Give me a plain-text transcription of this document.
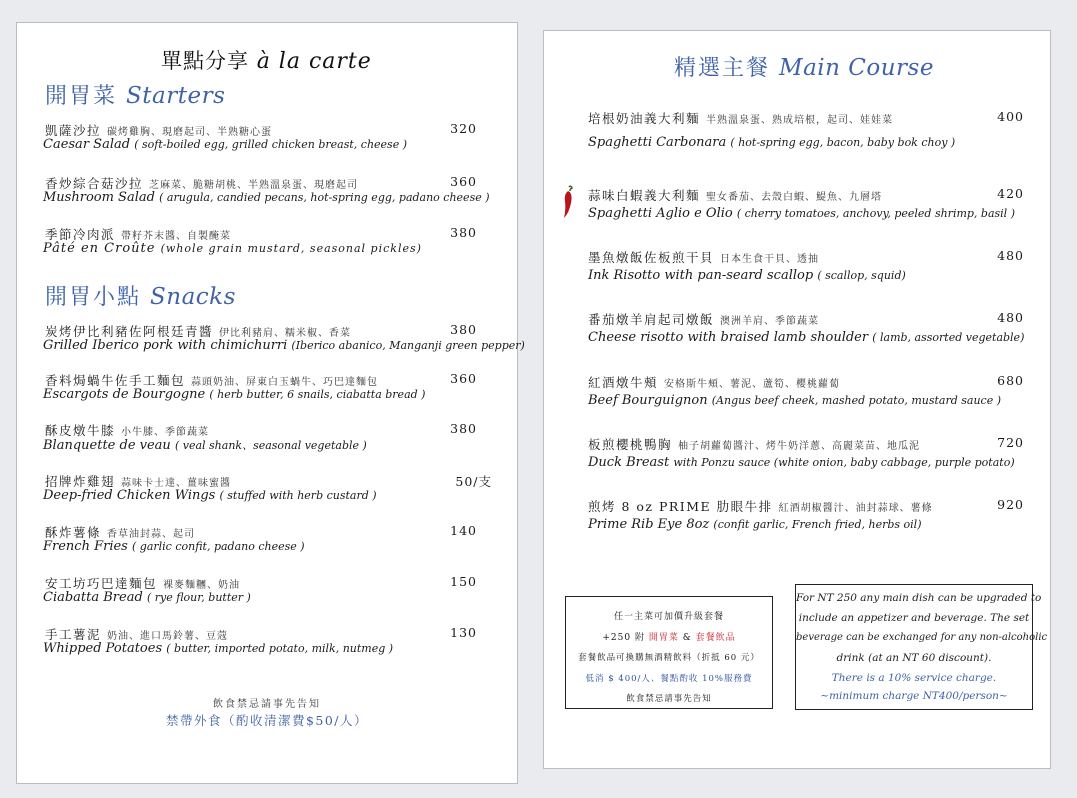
單點分享 à la carte
開胃菜 Starters
凱薩沙拉 碳烤雞胸、現磨起司、半熟糖心蛋	320
Caesar Salad ( soft-boiled egg, grilled chicken breast, cheese )
香炒綜合菇沙拉 芝麻菜、脆糖胡桃、半熟溫泉蛋、現磨起司	360
Mushroom Salad ( arugula, candied pecans, hot-spring egg, padano cheese )
季節冷肉派 帶籽芥末醬、自製醃菜	380
Pâté en Croûte (whole grain mustard, seasonal pickles)
開胃小點 Snacks
炭烤伊比利豬佐阿根廷青醬 伊比利豬肩、糯米椒、香菜	380
Grilled Iberico pork with chimichurri (Iberico abanico, Manganji green pepper)
香料焗蝸牛佐手工麵包 蒜頭奶油、屏東白玉蝸牛、巧巴達麵包	360
Escargots de Bourgogne ( herb butter, 6 snails, ciabatta bread )
酥皮燉牛膝 小牛膝、季節蔬菜	380
Blanquette de veau ( veal shank、seasonal vegetable )
招牌炸雞翅 蒜味卡士達、薑味蜜醬	50/支
Deep-fried Chicken Wings ( stuffed with herb custard )
酥炸薯條 香草油封蒜、起司	140
French Fries ( garlic confit, padano cheese )
安工坊巧巴達麵包 裸麥麵糰、奶油	150
Ciabatta Bread ( rye flour, butter )
手工薯泥 奶油、進口馬鈴薯、豆蔻	130
Whipped Potatoes ( butter, imported potato, milk, nutmeg )
飲食禁忌請事先告知
禁帶外食（酌收清潔費$50/人）
精選主餐 Main Course
培根奶油義大利麵 半熟溫泉蛋、熟成培根，起司、娃娃菜	400
Spaghetti Carbonara ( hot-spring egg, bacon, baby bok choy )
蒜味白蝦義大利麵 聖女番茄、去殼白蝦、鯷魚、九層塔	420
Spaghetti Aglio e Olio ( cherry tomatoes, anchovy, peeled shrimp, basil )
墨魚燉飯佐板煎干貝 日本生食干貝、透抽	480
Ink Risotto with pan-seard scallop ( scallop, squid)
番茄燉羊肩起司燉飯 澳洲羊肩、季節蔬菜	480
Cheese risotto with braised lamb shoulder ( lamb, assorted vegetable)
紅酒燉牛頰 安格斯牛頰、薯泥、蘆筍、櫻桃蘿蔔	680
Beef Bourguignon (Angus beef cheek, mashed potato, mustard sauce )
板煎櫻桃鴨胸 柚子胡蘿蔔醬汁、烤牛奶洋蔥、高麗菜苗、地瓜泥	720
Duck Breast with Ponzu sauce (white onion, baby cabbage, purple potato)
煎烤 8 oz PRIME 肋眼牛排 紅酒胡椒醬汁、油封蒜球、薯條	920
Prime Rib Eye 8oz (confit garlic, French fried, herbs oil)
任一主菜可加價升級套餐
+250 附 開胃菜 & 套餐飲品
套餐飲品可換購無酒精飲料（折抵 60 元）
低消 $ 400/人、餐點酌收 10%服務費
飲食禁忌請事先告知
For NT 250 any main dish can be upgraded to
include an appetizer and beverage. The set
beverage can be exchanged for any non-alcoholic
drink (at an NT 60 discount).
There is a 10% service charge.
~minimum charge NT400/person~
